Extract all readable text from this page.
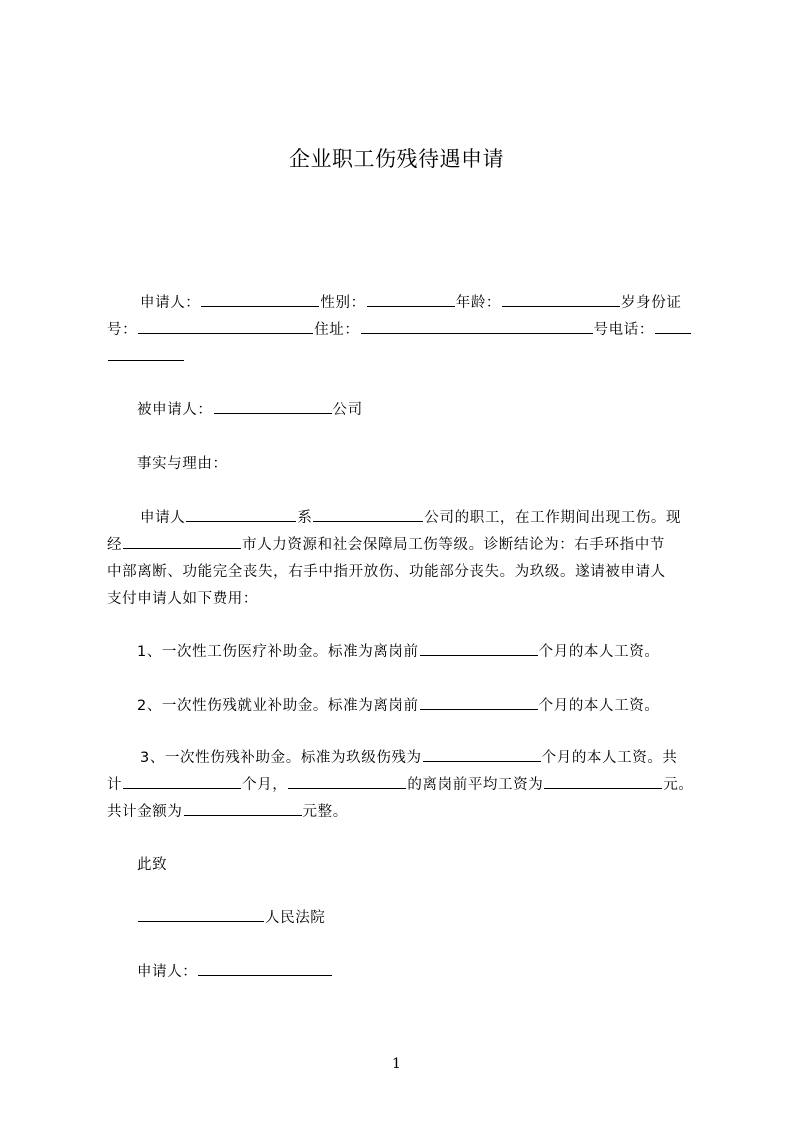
企业职工伤残待遇申请
申请人：	性别：	年龄：	岁身份证
号：	住址：	号电话：
被申请人：	公司
事实与理由：
申请人	系	公司的职工，在工作期间出现工伤。现
经	市人力资源和社会保障局工伤等级。诊断结论为：右手环指中节
中部离断、功能完全丧失，右手中指开放伤、功能部分丧失。为玖级。遂请被申请人
支付申请人如下费用：
1、一次性工伤医疗补助金。标准为离岗前	个月的本人工资。
2、一次性伤残就业补助金。标准为离岗前	个月的本人工资。
3、一次性伤残补助金。标准为玖级伤残为	个月的本人工资。共
计	个月，	的离岗前平均工资为	元。
共计金额为	元整。
此致
人民法院
申请人：
1
